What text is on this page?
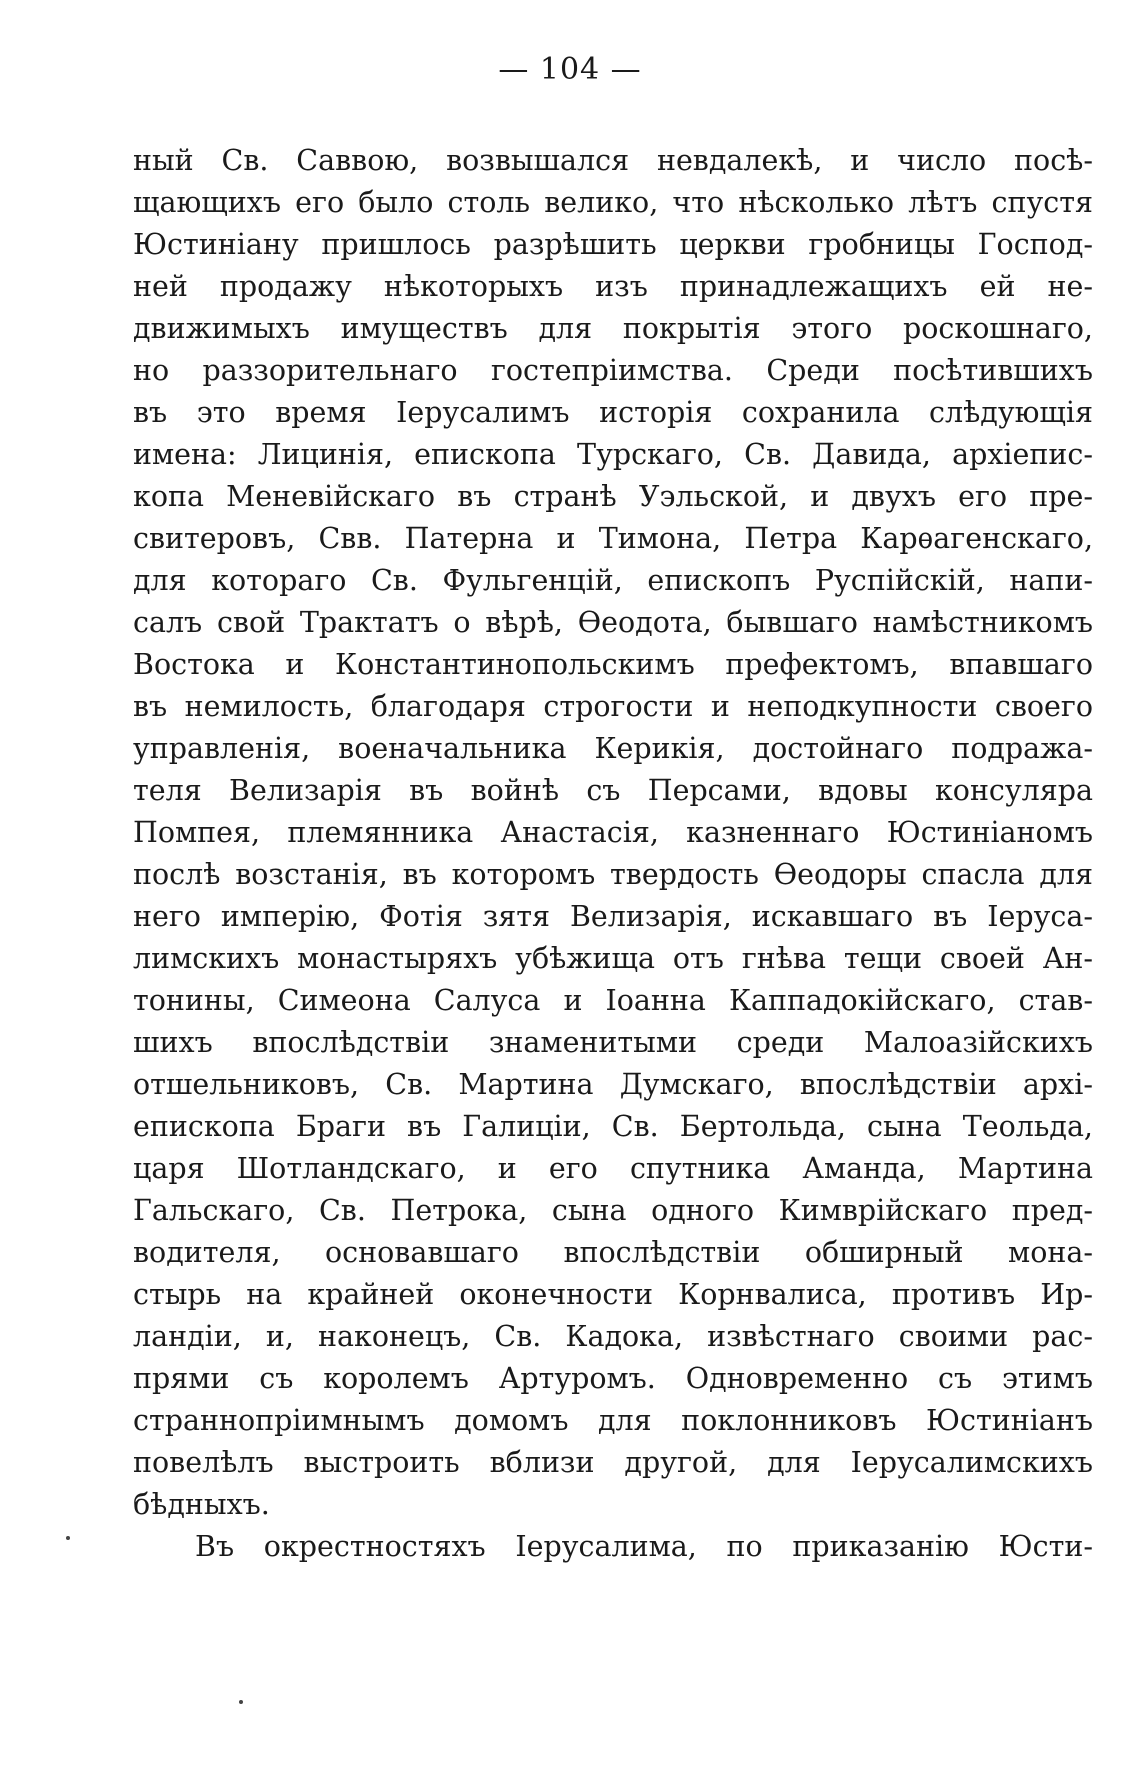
— 104 —
ный Св. Саввою, возвышался невдалекѣ, и число посѣ-
щающихъ его было столь велико, что нѣсколько лѣтъ спустя
Юстиніану пришлось разрѣшить церкви гробницы Господ-
ней продажу нѣкоторыхъ изъ принадлежащихъ ей не-
движимыхъ имуществъ для покрытія этого роскошнаго,
но раззорительнаго гостепріимства. Среди посѣтившихъ
въ это время Іерусалимъ исторія сохранила слѣдующія
имена: Лицинія, епископа Турскаго, Св. Давида, архіепис-
копа Меневійскаго въ странѣ Уэльской, и двухъ его пре-
свитеровъ, Свв. Патерна и Тимона, Петра Карѳагенскаго,
для котораго Св. Фульгенцій, епископъ Руспійскій, напи-
салъ свой Трактатъ о вѣрѣ, Ѳеодота, бывшаго намѣстникомъ
Востока и Константинопольскимъ префектомъ, впавшаго
въ немилость, благодаря строгости и неподкупности своего
управленія, военачальника Керикія, достойнаго подража-
теля Велизарія въ войнѣ съ Персами, вдовы консуляра
Помпея, племянника Анастасія, казненнаго Юстиніаномъ
послѣ возстанія, въ которомъ твердость Ѳеодоры спасла для
него имперію, Фотія зятя Велизарія, искавшаго въ Іеруса-
лимскихъ монастыряхъ убѣжища отъ гнѣва тещи своей Ан-
тонины, Симеона Салуса и Іоанна Каппадокійскаго, став-
шихъ впослѣдствіи знаменитыми среди Малоазійскихъ
отшельниковъ, Св. Мартина Думскаго, впослѣдствіи архі-
епископа Браги въ Галиціи, Св. Бертольда, сына Теольда,
царя Шотландскаго, и его спутника Аманда, Мартина
Гальскаго, Св. Петрока, сына одного Кимврійскаго пред-
водителя, основавшаго впослѣдствіи обширный мона-
стырь на крайней оконечности Корнвалиса, противъ Ир-
ландіи, и, наконецъ, Св. Кадока, извѣстнаго своими рас-
прями съ королемъ Артуромъ. Одновременно съ этимъ
страннопріимнымъ домомъ для поклонниковъ Юстиніанъ
повелѣлъ выстроить вблизи другой, для Іерусалимскихъ
бѣдныхъ.
Въ окрестностяхъ Іерусалима, по приказанію Юсти-
